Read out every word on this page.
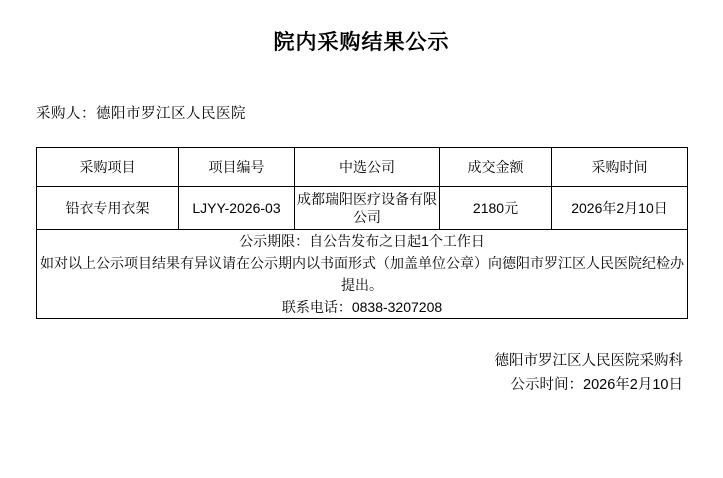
院内采购结果公示
采购人：德阳市罗江区人民医院
采购项目	项目编号	中选公司	成交金额	采购时间
铅衣专用衣架	LJYY-2026-03	成都瑞阳医疗设备有限公司	2180元	2026年2月10日

公示期限：自公告发布之日起1个工作日
如对以上公示项目结果有异议请在公示期内以书面形式（加盖单位公章）向德阳市罗江区人民医院纪检办提出。
联系电话：0838-3207208				
德阳市罗江区人民医院采购科
公示时间：2026年2月10日
